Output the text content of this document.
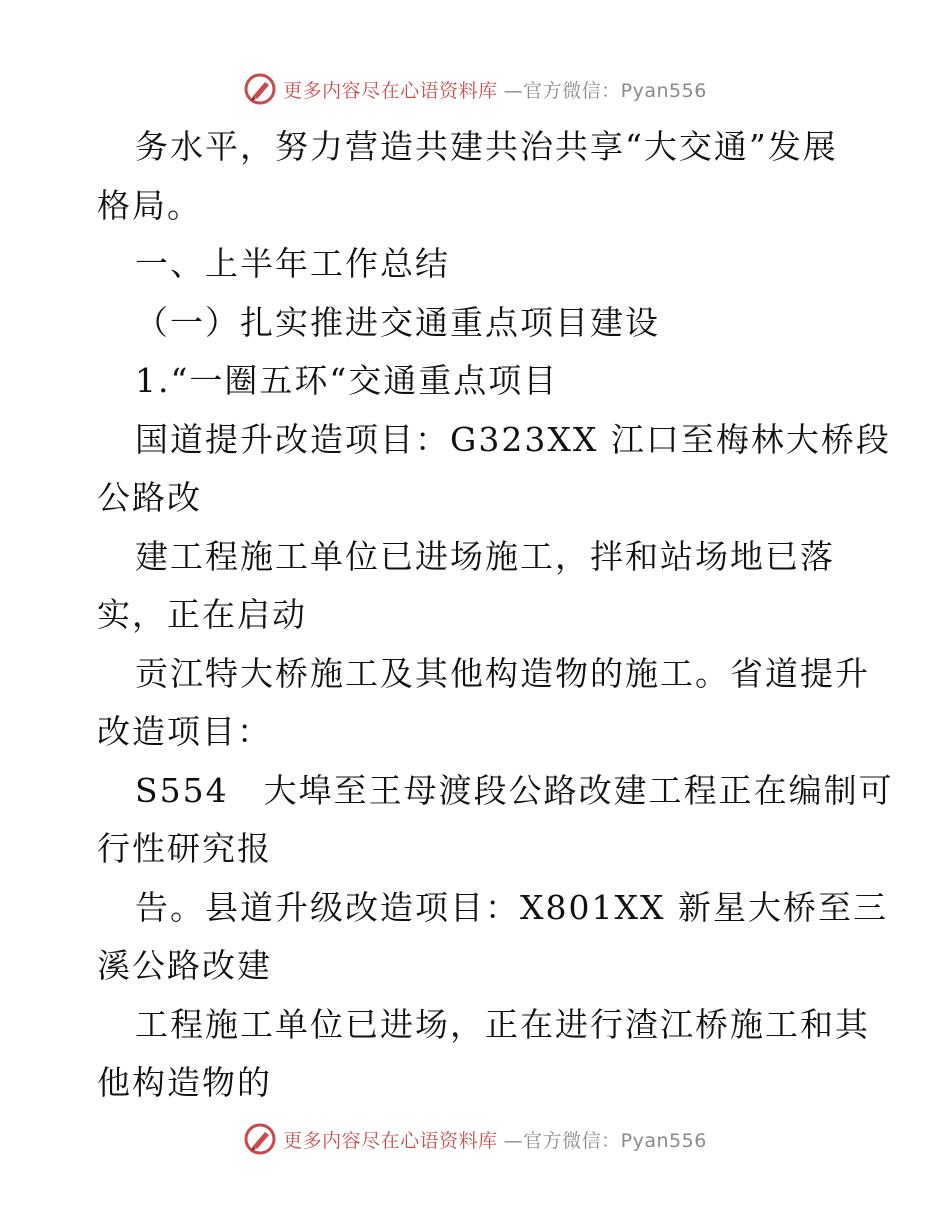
更多内容尽在心语资料库 —官方微信：Pyan556
务水平，努力营造共建共治共享“大交通”发展
格局。
一、上半年工作总结
（一）扎实推进交通重点项目建设
1.“一圈五环“交通重点项目
国道提升改造项目：G323XX 江口至梅林大桥段
公路改
建工程施工单位已进场施工，拌和站场地已落
实，正在启动
贡江特大桥施工及其他构造物的施工。省道提升
改造项目：
S554　大埠至王母渡段公路改建工程正在编制可
行性研究报
告。县道升级改造项目：X801XX 新星大桥至三
溪公路改建
工程施工单位已进场，正在进行渣江桥施工和其
他构造物的
更多内容尽在心语资料库 —官方微信：Pyan556
